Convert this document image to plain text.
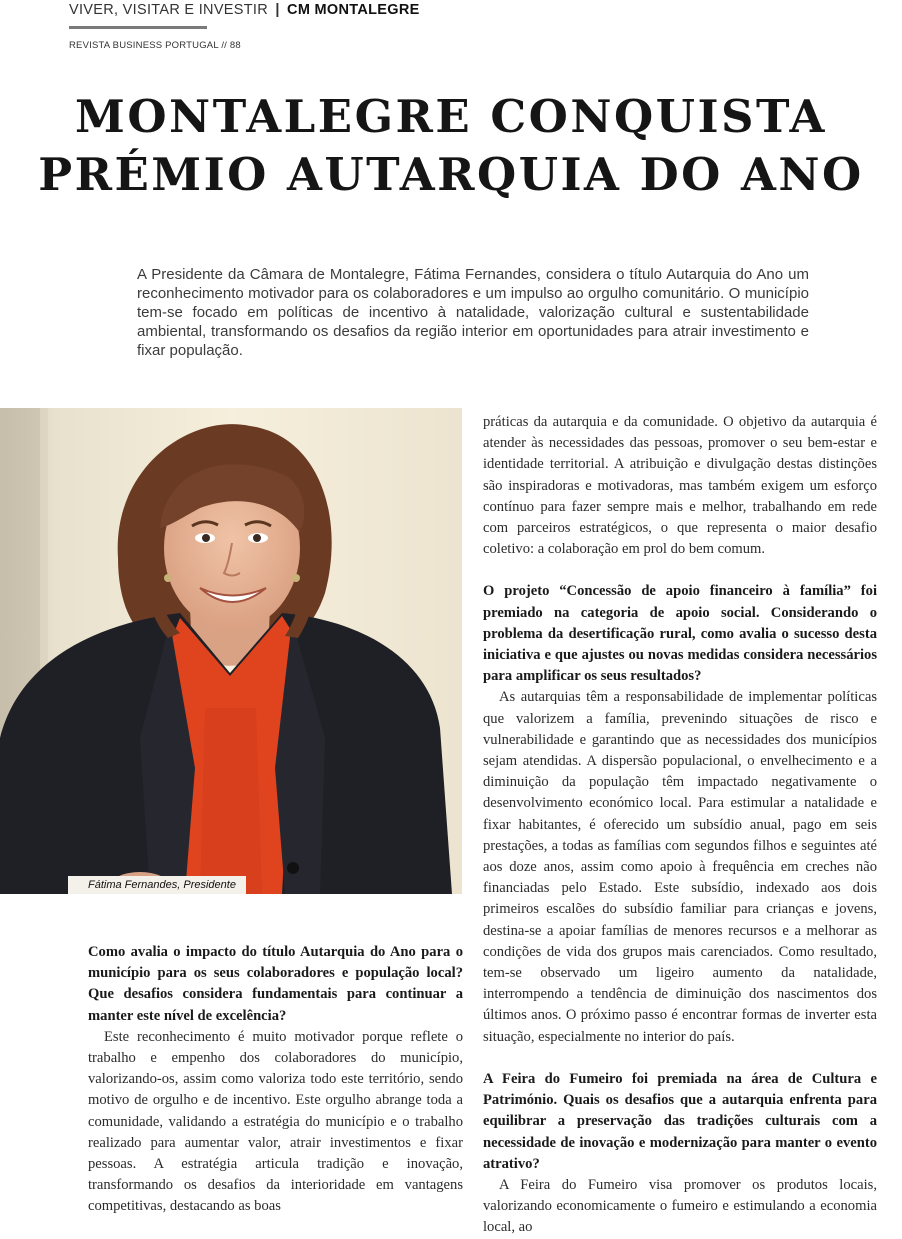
VIVER, VISITAR E INVESTIR | CM MONTALEGRE
REVISTA BUSINESS PORTUGAL // 88
MONTALEGRE CONQUISTA
PRÉMIO AUTARQUIA DO ANO

A Presidente da Câmara de Montalegre, Fátima Fernandes, considera o título Autarquia do Ano um reconhecimento motivador para os colaboradores e um impulso ao orgulho comunitário. O município tem-se focado em políticas de incentivo à natalidade, valorização cultural e sustentabilidade ambiental, transformando os desafios da região interior em oportunidades para atrair investimento e fixar população.

Fátima Fernandes, Presidente

Como avalia o impacto do título Autarquia do Ano para o município para os seus colaboradores e população local? Que desafios considera fundamentais para continuar a manter este nível de excelência?

Este reconhecimento é muito motivador porque reflete o trabalho e empenho dos colaboradores do município, valorizando-os, assim como valoriza todo este território, sendo motivo de orgulho e de incentivo. Este orgulho abrange toda a comunidade, validando a estratégia do município e o trabalho realizado para aumentar valor, atrair investimentos e fixar pessoas. A estratégia articula tradição e inovação, transformando os desafios da interioridade em vantagens competitivas, destacando as boas

práticas da autarquia e da comunidade. O objetivo da autarquia é atender às necessidades das pessoas, promover o seu bem-estar e identidade territorial. A atribuição e divulgação destas distinções são inspiradoras e motivadoras, mas também exigem um esforço contínuo para fazer sempre mais e melhor, trabalhando em rede com parceiros estratégicos, o que representa o maior desafio coletivo: a colaboração em prol do bem comum.

O projeto “Concessão de apoio financeiro à família” foi premiado na categoria de apoio social. Considerando o problema da desertificação rural, como avalia o sucesso desta iniciativa e que ajustes ou novas medidas considera necessários para amplificar os seus resultados?

As autarquias têm a responsabilidade de implementar políticas que valorizem a família, prevenindo situações de risco e vulnerabilidade e garantindo que as necessidades dos municípios sejam atendidas. A dispersão populacional, o envelhecimento e a diminuição da população têm impactado negativamente o desenvolvimento económico local. Para estimular a natalidade e fixar habitantes, é oferecido um subsídio anual, pago em seis prestações, a todas as famílias com segundos filhos e seguintes até aos doze anos, assim como apoio à frequência em creches não financiadas pelo Estado. Este subsídio, indexado aos dois primeiros escalões do subsídio familiar para crianças e jovens, destina-se a apoiar famílias de menores recursos e a melhorar as condições de vida dos grupos mais carenciados. Como resultado, tem-se observado um ligeiro aumento da natalidade, interrompendo a tendência de diminuição dos nascimentos dos últimos anos. O próximo passo é encontrar formas de inverter esta situação, especialmente no interior do país.

A Feira do Fumeiro foi premiada na área de Cultura e Património. Quais os desafios que a autarquia enfrenta para equilibrar a preservação das tradições culturais com a necessidade de inovação e modernização para manter o evento atrativo?

A Feira do Fumeiro visa promover os produtos locais, valorizando economicamente o fumeiro e estimulando a economia local, ao
